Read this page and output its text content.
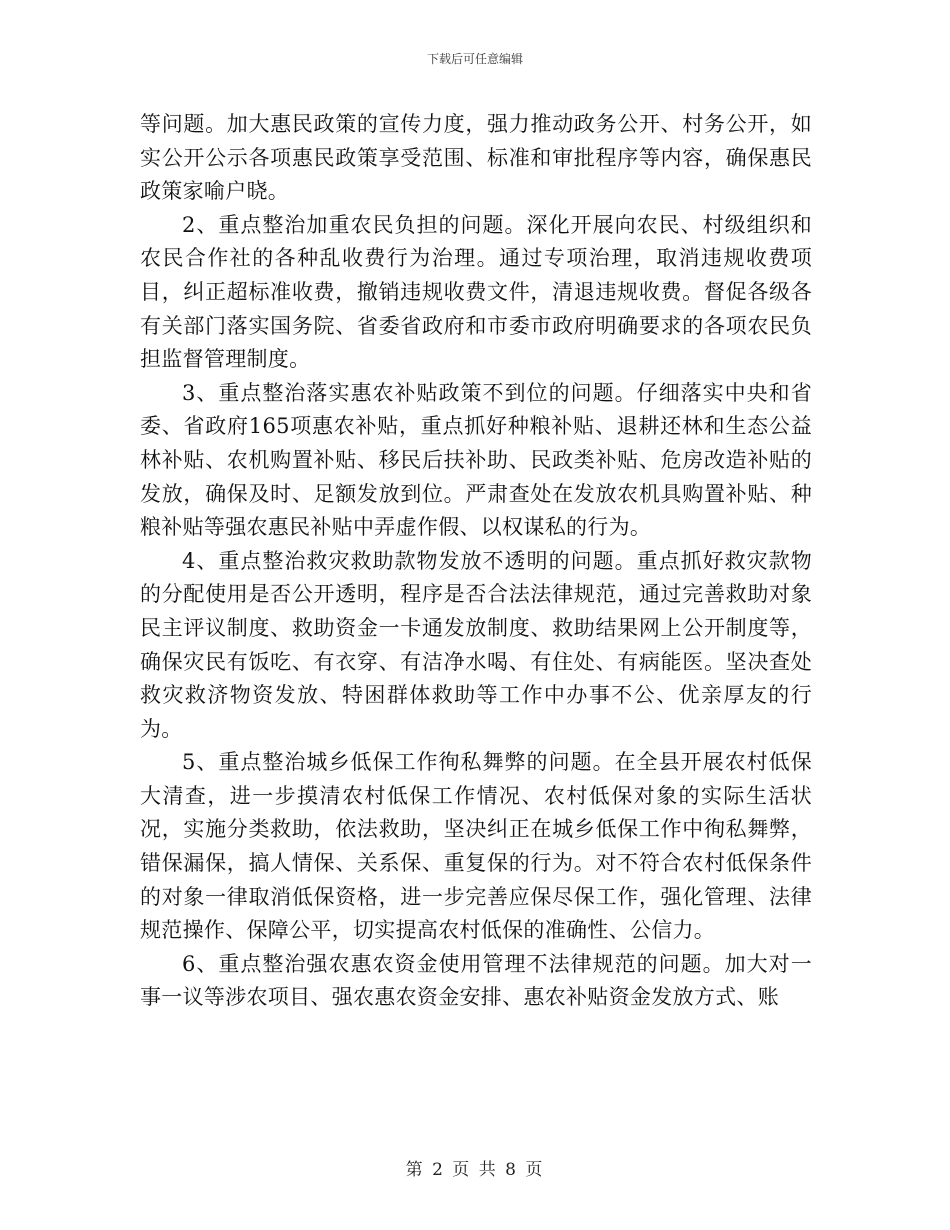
下载后可任意编辑

等问题。加大惠民政策的宣传力度，强力推动政务公开、村务公开，如实公开公示各项惠民政策享受范围、标准和审批程序等内容，确保惠民政策家喻户晓。

2、重点整治加重农民负担的问题。深化开展向农民、村级组织和农民合作社的各种乱收费行为治理。通过专项治理，取消违规收费项目，纠正超标准收费，撤销违规收费文件，清退违规收费。督促各级各有关部门落实国务院、省委省政府和市委市政府明确要求的各项农民负担监督管理制度。

3、重点整治落实惠农补贴政策不到位的问题。仔细落实中央和省委、省政府165项惠农补贴，重点抓好种粮补贴、退耕还林和生态公益林补贴、农机购置补贴、移民后扶补助、民政类补贴、危房改造补贴的发放，确保及时、足额发放到位。严肃查处在发放农机具购置补贴、种粮补贴等强农惠民补贴中弄虚作假、以权谋私的行为。

4、重点整治救灾救助款物发放不透明的问题。重点抓好救灾款物的分配使用是否公开透明，程序是否合法法律规范，通过完善救助对象民主评议制度、救助资金一卡通发放制度、救助结果网上公开制度等，确保灾民有饭吃、有衣穿、有洁净水喝、有住处、有病能医。坚决查处救灾救济物资发放、特困群体救助等工作中办事不公、优亲厚友的行为。

5、重点整治城乡低保工作徇私舞弊的问题。在全县开展农村低保大清查，进一步摸清农村低保工作情况、农村低保对象的实际生活状况，实施分类救助，依法救助，坚决纠正在城乡低保工作中徇私舞弊，错保漏保，搞人情保、关系保、重复保的行为。对不符合农村低保条件的对象一律取消低保资格，进一步完善应保尽保工作，强化管理、法律规范操作、保障公平，切实提高农村低保的准确性、公信力。

6、重点整治强农惠农资金使用管理不法律规范的问题。加大对一事一议等涉农项目、强农惠农资金安排、惠农补贴资金发放方式、账

第 2 页 共 8 页
